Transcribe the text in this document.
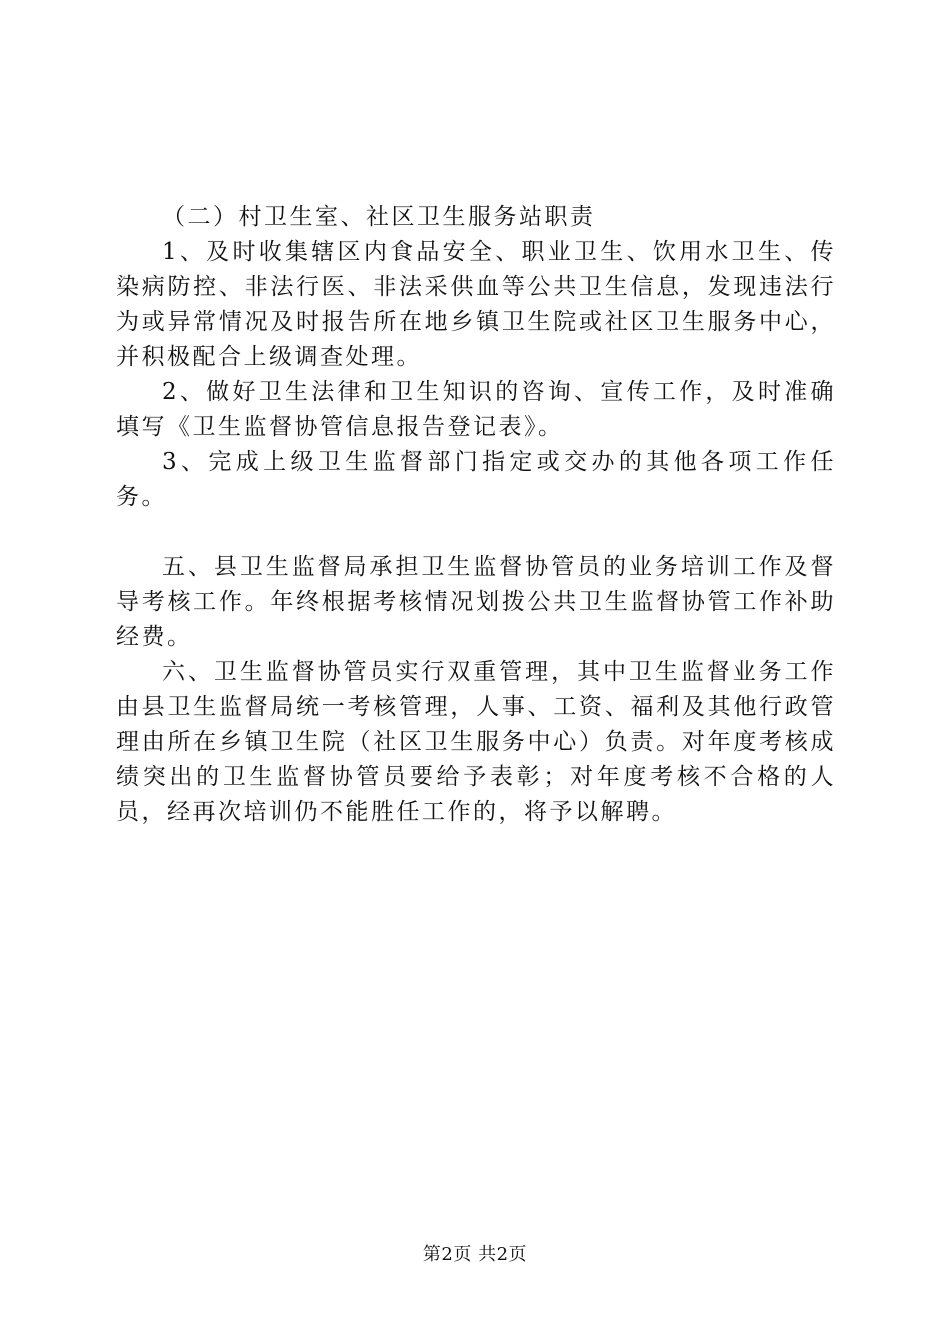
（二）村卫生室、社区卫生服务站职责

1、及时收集辖区内食品安全、职业卫生、饮用水卫生、传染病防控、非法行医、非法采供血等公共卫生信息，发现违法行为或异常情况及时报告所在地乡镇卫生院或社区卫生服务中心，并积极配合上级调查处理。

2、做好卫生法律和卫生知识的咨询、宣传工作，及时准确填写《卫生监督协管信息报告登记表》。

3、完成上级卫生监督部门指定或交办的其他各项工作任务。

五、县卫生监督局承担卫生监督协管员的业务培训工作及督导考核工作。年终根据考核情况划拨公共卫生监督协管工作补助经费。

六、卫生监督协管员实行双重管理，其中卫生监督业务工作由县卫生监督局统一考核管理，人事、工资、福利及其他行政管理由所在乡镇卫生院（社区卫生服务中心）负责。对年度考核成绩突出的卫生监督协管员要给予表彰；对年度考核不合格的人员，经再次培训仍不能胜任工作的，将予以解聘。

第2页 共2页
